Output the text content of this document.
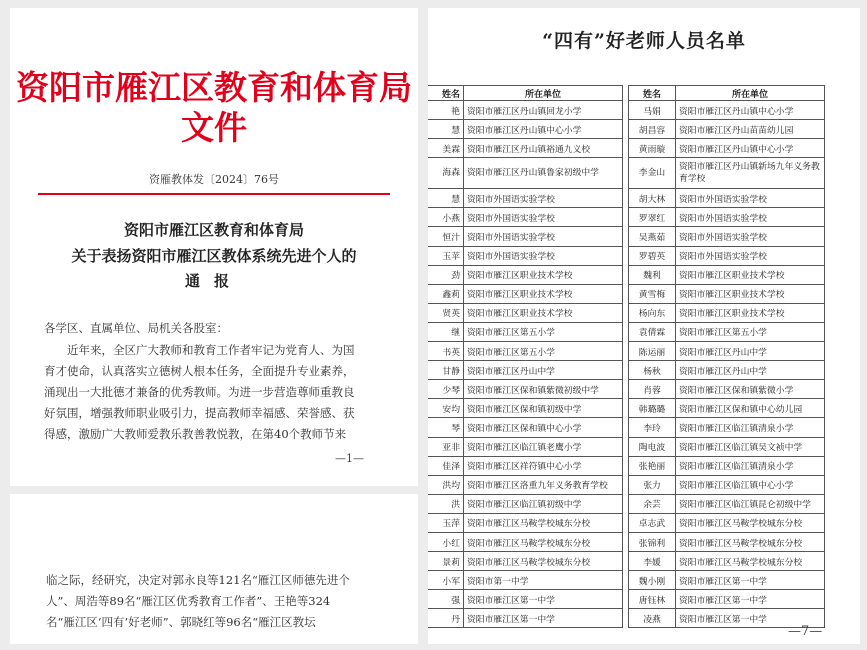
资阳市雁江区教育和体育局文件
资雁教体发〔2024〕76号
资阳市雁江区教育和体育局
关于表扬资阳市雁江区教体系统先进个人的
通报
各学区、直属单位、局机关各股室：
近年来，全区广大教师和教育工作者牢记为党育人、为国
育才使命，认真落实立德树人根本任务，全面提升专业素养，
涌现出一大批德才兼备的优秀教师。为进一步营造尊师重教良
好氛围，增强教师职业吸引力，提高教师幸福感、荣誉感、获
得感，激励广大教师爱教乐教善教悦教，在第40个教师节来
—1—
临之际，经研究，决定对郭永良等121名“雁江区师德先进个
人”、周浩等89名“雁江区优秀教育工作者”、王艳等324
名“雁江区‘四有’好老师”、郭晓红等96名“雁江区教坛
“四有”好老师人员名单
姓名	所在单位
艳	资阳市雁江区丹山镇回龙小学
慧	资阳市雁江区丹山镇中心小学
美霖	资阳市雁江区丹山镇裕通九义校
海森	资阳市雁江区丹山镇鲁家初级中学
慧	资阳市外国语实验学校
小燕	资阳市外国语实验学校
恒汁	资阳市外国语实验学校
玉苹	资阳市外国语实验学校
劲	资阳市雁江区职业技术学校
鑫莉	资阳市雁江区职业技术学校
贤英	资阳市雁江区职业技术学校
继	资阳市雁江区第五小学
书英	资阳市雁江区第五小学
甘静	资阳市雁江区丹山中学
少琴	资阳市雁江区保和镇紫微初级中学
安均	资阳市雁江区保和镇初级中学
琴	资阳市雁江区保和镇中心小学
亚非	资阳市雁江区临江镇老鹰小学
佳泽	资阳市雁江区祥符镇中心小学
洪均	资阳市雁江区洛重九年义务教育学校
洪	资阳市雁江区临江镇初级中学
玉萍	资阳市雁江区马鞍学校城东分校
小红	资阳市雁江区马鞍学校城东分校
景莉	资阳市雁江区马鞍学校城东分校
小军	资阳市第一中学
强	资阳市雁江区第一中学
丹	资阳市雁江区第一中学
姓名	所在单位
马娟	资阳市雁江区丹山镇中心小学
胡昌容	资阳市雁江区丹山苗苗幼儿园
黄雨璇	资阳市雁江区丹山镇中心小学
李金山	资阳市雁江区丹山镇新场九年义务教育学校
胡大林	资阳市外国语实验学校
罗翠红	资阳市外国语实验学校
吴燕茹	资阳市外国语实验学校
罗碧英	资阳市外国语实验学校
魏利	资阳市雁江区职业技术学校
黄雪梅	资阳市雁江区职业技术学校
杨向东	资阳市雁江区职业技术学校
袁倩霖	资阳市雁江区第五小学
陈运丽	资阳市雁江区丹山中学
杨秋	资阳市雁江区丹山中学
肖蓉	资阳市雁江区保和镇紫微小学
韩璐璐	资阳市雁江区保和镇中心幼儿园
李玲	资阳市雁江区临江镇清泉小学
陶电波	资阳市雁江区临江镇吴文祯中学
张艳丽	资阳市雁江区临江镇清泉小学
张力	资阳市雁江区临江镇中心小学
余芸	资阳市雁江区临江镇昆仑初级中学
卓志武	资阳市雁江区马鞍学校城东分校
张锦利	资阳市雁江区马鞍学校城东分校
李媛	资阳市雁江区马鞍学校城东分校
魏小刚	资阳市雁江区第一中学
唐钰林	资阳市雁江区第一中学
凌燕	资阳市雁江区第一中学
—7—
